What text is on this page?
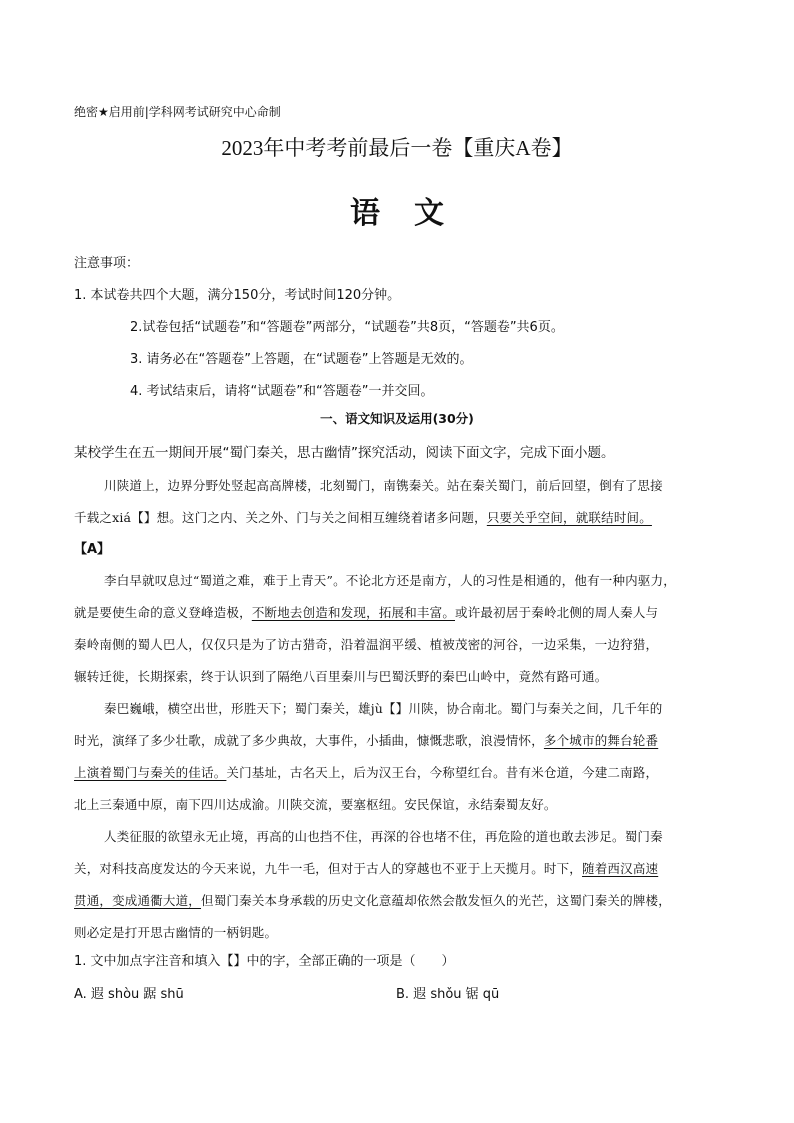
绝密★启用前|学科网考试研究中心命制
2023年中考考前最后一卷【重庆A卷】
语文
注意事项：
1. 本试卷共四个大题，满分150分，考试时间120分钟。
2.试卷包括“试题卷”和“答题卷”两部分，“试题卷”共8页，“答题卷”共6页。
3. 请务必在“答题卷”上答题，在“试题卷”上答题是无效的。
4. 考试结束后，请将“试题卷”和“答题卷”一并交回。
一、语文知识及运用(30分)
某校学生在五一期间开展“蜀门秦关，思古幽情”探究活动，阅读下面文字，完成下面小题。
川陕道上，边界分野处竖起高高牌楼，北刻蜀门，南镌秦关。站在秦关蜀门，前后回望，倒有了思接
千载之xiá【】想。这门之内、关之外、门与关之间相互缠绕着诸多问题，只要关乎空间，就联结时间。
【A】
李白早就叹息过“蜀道之难，难于上青天”。不论北方还是南方，人的习性是相通的，他有一种内驱力，
就是要使生命的意义登峰造极，不断地去创造和发现，拓展和丰富。或许最初居于秦岭北侧的周人秦人与
秦岭南侧的蜀人巴人，仅仅只是为了访古猎奇，沿着温润平缓、植被茂密的河谷，一边采集，一边狩猎，
辗转迁徙，长期探索，终于认识到了隔绝八百里秦川与巴蜀沃野的秦巴山岭中，竟然有路可通。
秦巴巍峨，横空出世，形胜天下；蜀门秦关，雄jù【】川陕，协合南北。蜀门与秦关之间，几千年的
时光，演绎了多少壮歌，成就了多少典故，大事件，小插曲，慷慨悲歌，浪漫情怀，多个城市的舞台轮番
上演着蜀门与秦关的佳话。关门基址，古名天上，后为汉王台，今称望红台。昔有米仓道，今建二南路，
北上三秦通中原，南下四川达成渝。川陕交流，要塞枢纽。安民保谊，永结秦蜀友好。
人类征服的欲望永无止境，再高的山也挡不住，再深的谷也堵不住，再危险的道也敢去涉足。蜀门秦
关，对科技高度发达的今天来说，九牛一毛，但对于古人的穿越也不亚于上天揽月。时下，随着西汉高速
贯通，变成通衢大道，但蜀门秦关本身承载的历史文化意蕴却依然会散发恒久的光芒，这蜀门秦关的牌楼，
则必定是打开思古幽情的一柄钥匙。
1. 文中加点字注音和填入【】中的字，全部正确的一项是（　　）
A. 遐 shòu 踞 shū	B. 遐 shǒu 锯 qū
